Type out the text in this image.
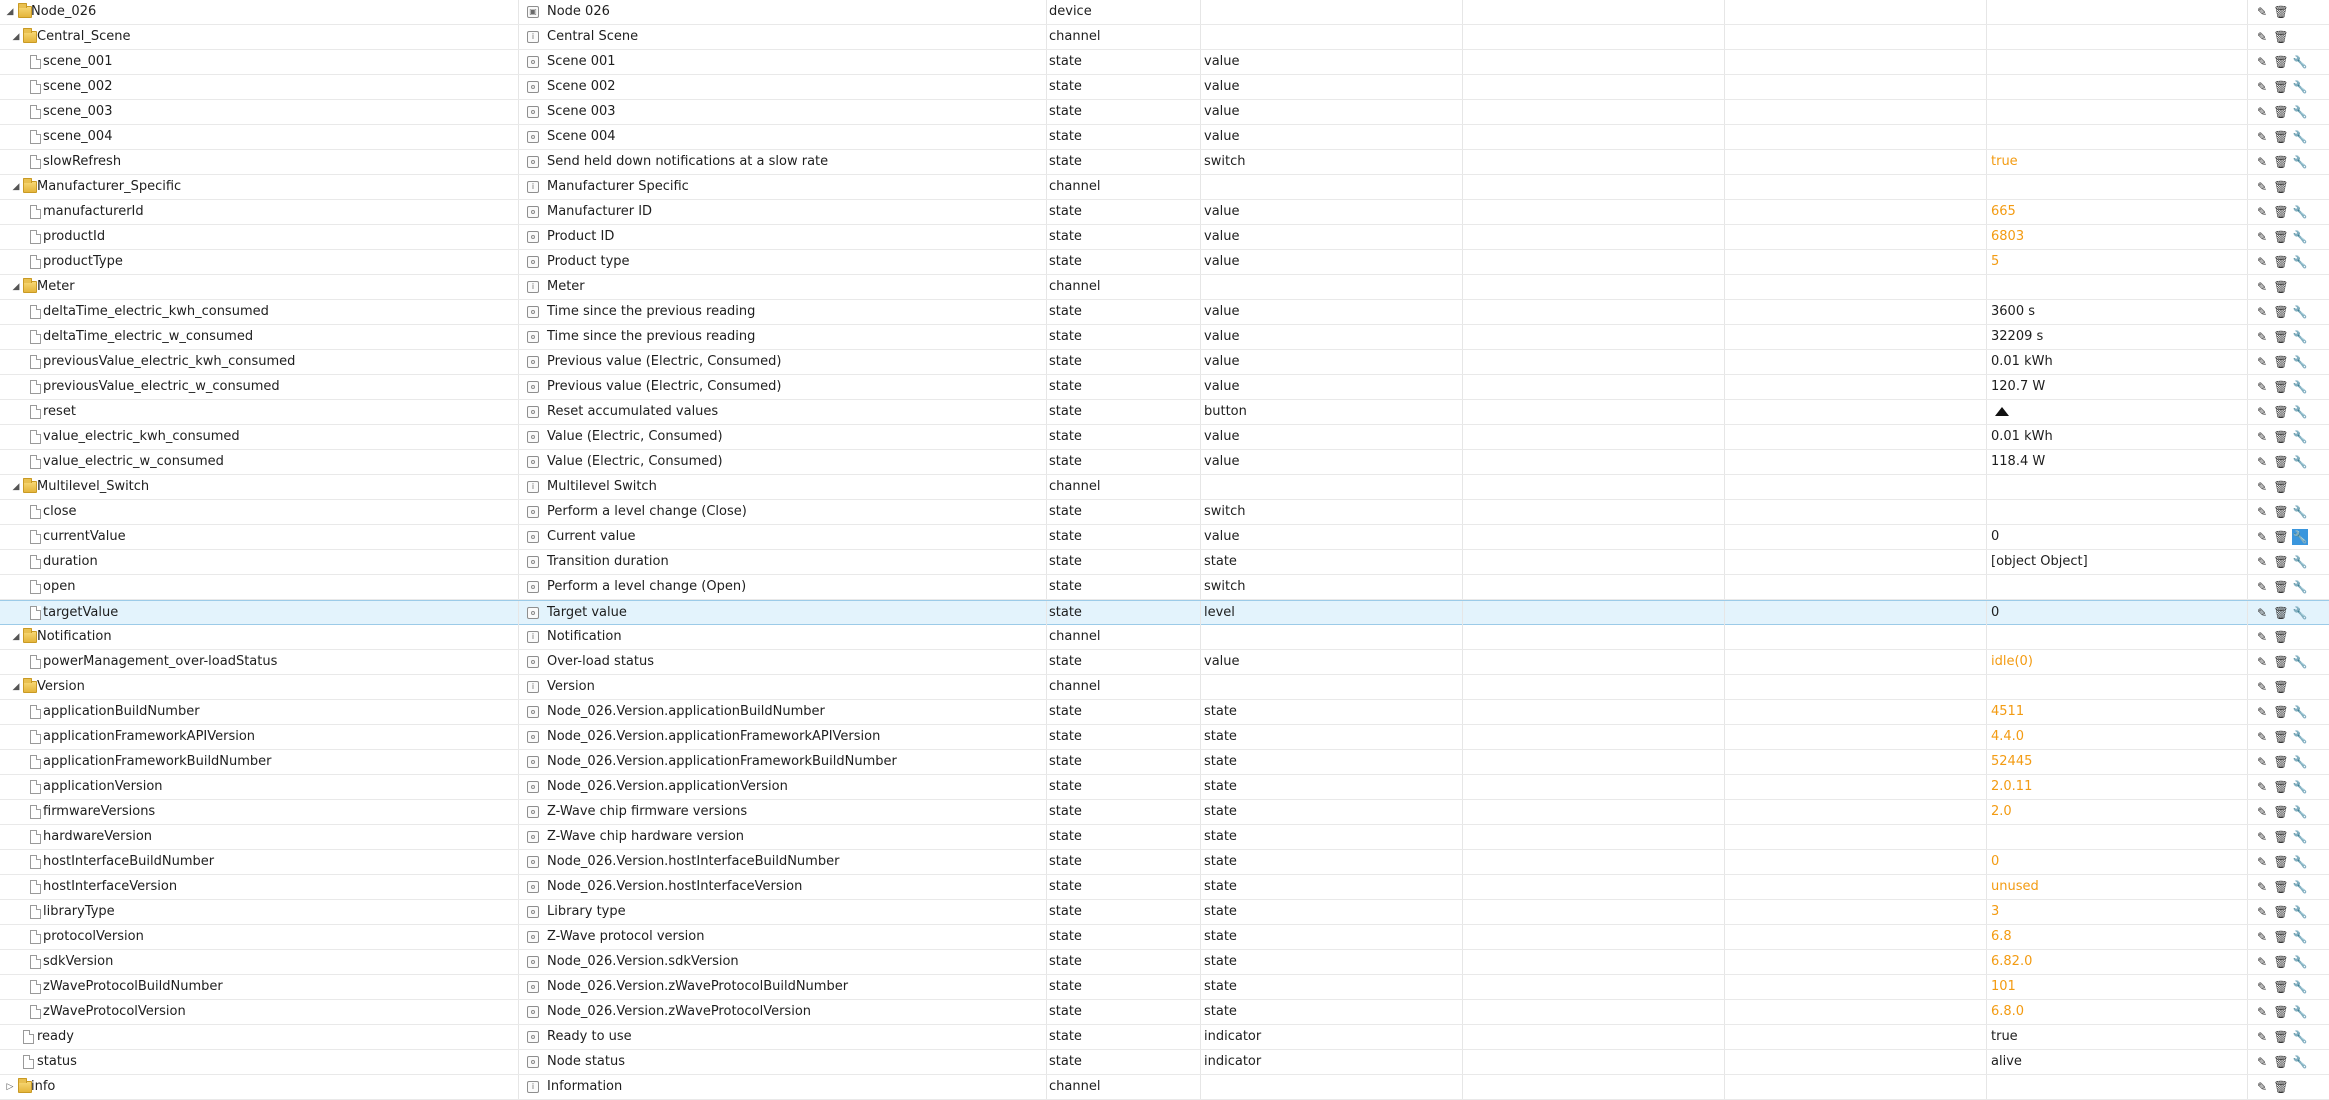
◢ Node_026	▣ Node 026	device	✎ 🗑
◢ Central_Scene	i Central Scene	channel	✎ 🗑
scene_001	Scene 001	state	value	✎ 🗑 🔧
scene_002	Scene 002	state	value	✎ 🗑 🔧
scene_003	Scene 003	state	value	✎ 🗑 🔧
scene_004	Scene 004	state	value	✎ 🗑 🔧
slowRefresh	Send held down notifications at a slow rate	state	switch	true	✎ 🗑 🔧
◢ Manufacturer_Specific	i Manufacturer Specific	channel	✎ 🗑
manufacturerId	Manufacturer ID	state	value	665	✎ 🗑 🔧
productId	Product ID	state	value	6803	✎ 🗑 🔧
productType	Product type	state	value	5	✎ 🗑 🔧
◢ Meter	i Meter	channel	✎ 🗑
deltaTime_electric_kwh_consumed	Time since the previous reading	state	value	3600 s	✎ 🗑 🔧
deltaTime_electric_w_consumed	Time since the previous reading	state	value	32209 s	✎ 🗑 🔧
previousValue_electric_kwh_consumed	Previous value (Electric, Consumed)	state	value	0.01 kWh	✎ 🗑 🔧
previousValue_electric_w_consumed	Previous value (Electric, Consumed)	state	value	120.7 W	✎ 🗑 🔧
reset	Reset accumulated values	state	button	✎ 🗑 🔧
value_electric_kwh_consumed	Value (Electric, Consumed)	state	value	0.01 kWh	✎ 🗑 🔧
value_electric_w_consumed	Value (Electric, Consumed)	state	value	118.4 W	✎ 🗑 🔧
◢ Multilevel_Switch	i Multilevel Switch	channel	✎ 🗑
close	Perform a level change (Close)	state	switch	✎ 🗑 🔧
currentValue	Current value	state	value	0	✎ 🗑 🔧
duration	Transition duration	state	state	[object Object]	✎ 🗑 🔧
open	Perform a level change (Open)	state	switch	✎ 🗑 🔧
targetValue	Target value	state	level	0	✎ 🗑 🔧
◢ Notification	i Notification	channel	✎ 🗑
powerManagement_over-loadStatus	Over-load status	state	value	idle(0)	✎ 🗑 🔧
◢ Version	i Version	channel	✎ 🗑
applicationBuildNumber	Node_026.Version.applicationBuildNumber	state	state	4511	✎ 🗑 🔧
applicationFrameworkAPIVersion	Node_026.Version.applicationFrameworkAPIVersion	state	state	4.4.0	✎ 🗑 🔧
applicationFrameworkBuildNumber	Node_026.Version.applicationFrameworkBuildNumber	state	state	52445	✎ 🗑 🔧
applicationVersion	Node_026.Version.applicationVersion	state	state	2.0.11	✎ 🗑 🔧
firmwareVersions	Z-Wave chip firmware versions	state	state	2.0	✎ 🗑 🔧
hardwareVersion	Z-Wave chip hardware version	state	state	✎ 🗑 🔧
hostInterfaceBuildNumber	Node_026.Version.hostInterfaceBuildNumber	state	state	0	✎ 🗑 🔧
hostInterfaceVersion	Node_026.Version.hostInterfaceVersion	state	state	unused	✎ 🗑 🔧
libraryType	Library type	state	state	3	✎ 🗑 🔧
protocolVersion	Z-Wave protocol version	state	state	6.8	✎ 🗑 🔧
sdkVersion	Node_026.Version.sdkVersion	state	state	6.82.0	✎ 🗑 🔧
zWaveProtocolBuildNumber	Node_026.Version.zWaveProtocolBuildNumber	state	state	101	✎ 🗑 🔧
zWaveProtocolVersion	Node_026.Version.zWaveProtocolVersion	state	state	6.8.0	✎ 🗑 🔧
ready	Ready to use	state	indicator	true	✎ 🗑 🔧
status	Node status	state	indicator	alive	✎ 🗑 🔧
▷ info	i Information	channel	✎ 🗑
